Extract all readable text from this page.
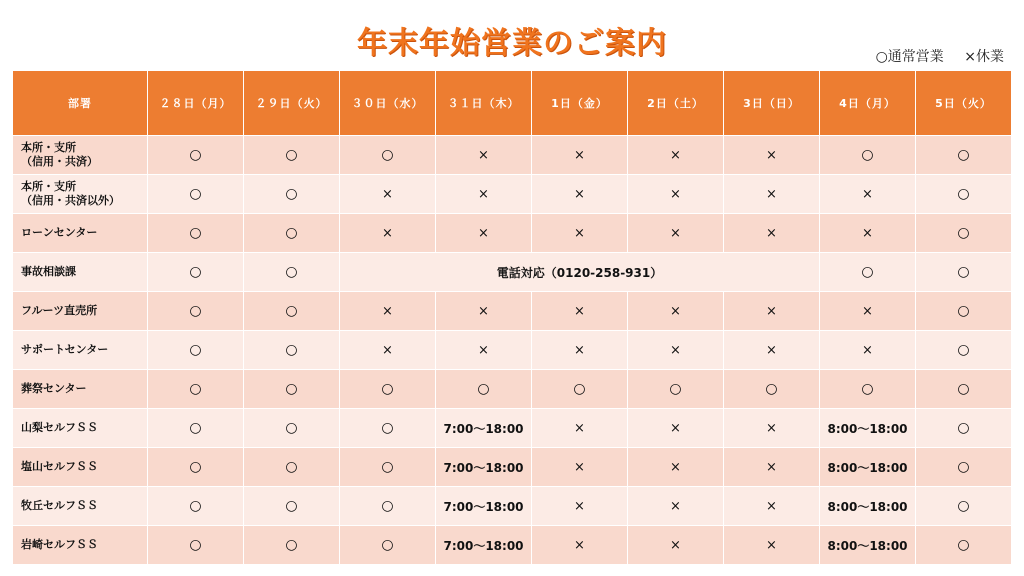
年末年始営業のご案内	○通常営業 ×休業
部署	２８日（月）	２９日（火）	３０日（水）	３１日（木）	1日（金）	2日（土）	3日（日）	4日（月）	5日（火）
本所・支所
（信用・共済）	○	○	○	×	×	×	×	○	○
本所・支所
（信用・共済以外）	○	○	×	×	×	×	×	×	○
ローンセンター	○	○	×	×	×	×	×	×	○
事故相談課	○	○	電話対応（0120-258-931）					○	○
フルーツ直売所	○	○	×	×	×	×	×	×	○
サポートセンター	○	○	×	×	×	×	×	×	○
葬祭センター	○	○	○	○	○	○	○	○	○
山梨セルフＳＳ	○	○	○	7:00～18:00	×	×	×	8:00～18:00	○
塩山セルフＳＳ	○	○	○	7:00～18:00	×	×	×	8:00～18:00	○
牧丘セルフＳＳ	○	○	○	7:00～18:00	×	×	×	8:00～18:00	○
岩崎セルフＳＳ	○	○	○	7:00～18:00	×	×	×	8:00～18:00	○
